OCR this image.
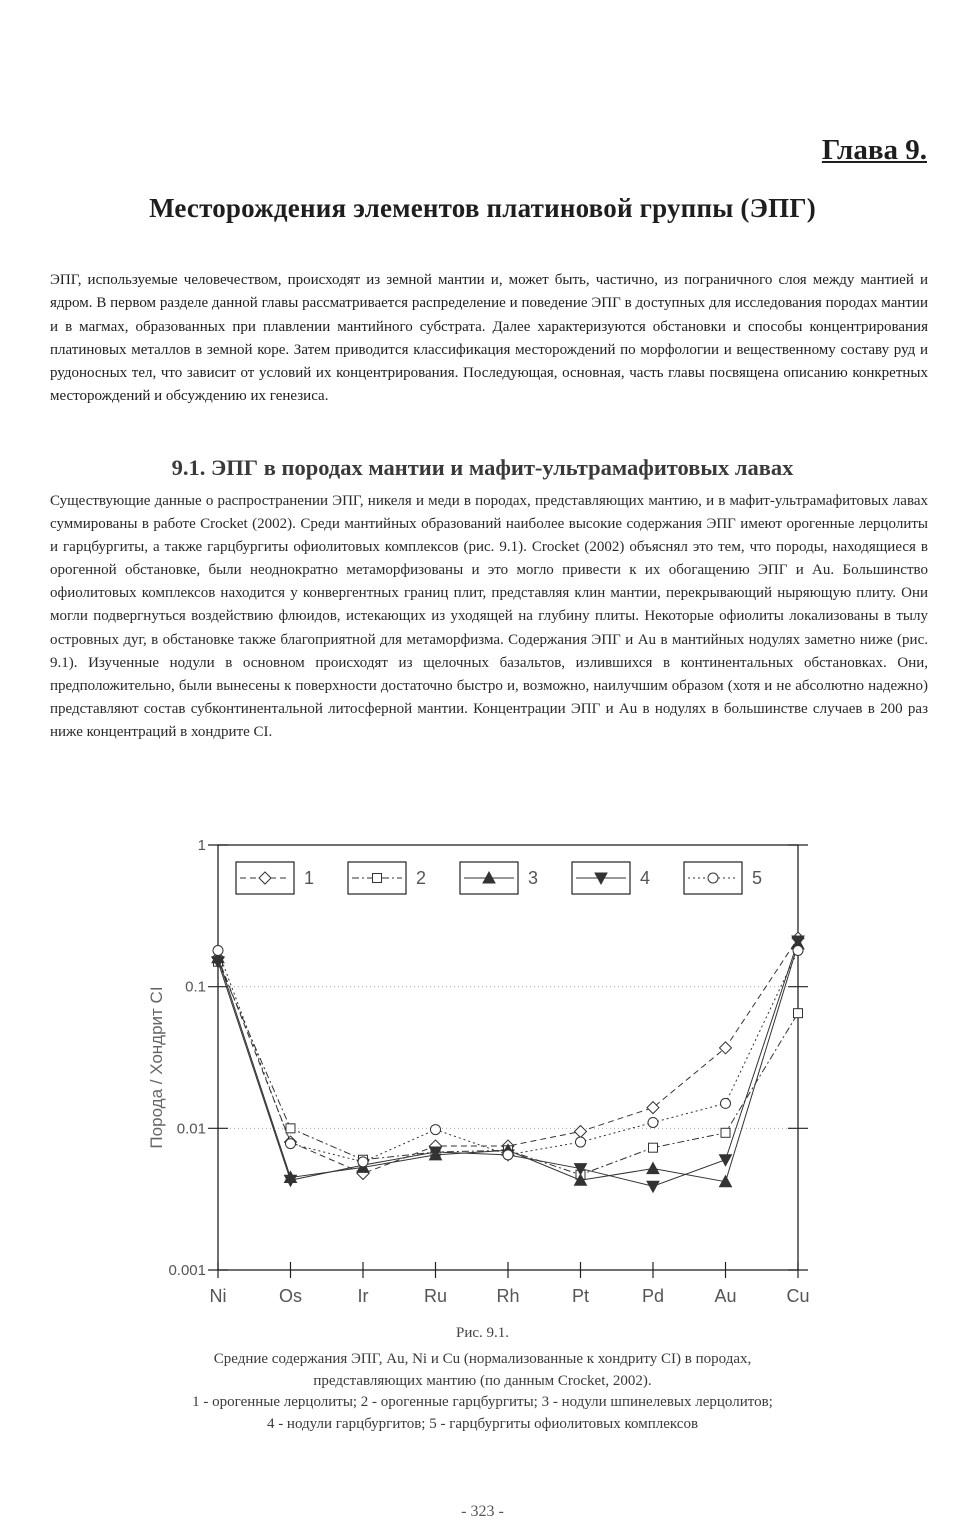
Глава 9.
Месторождения элементов платиновой группы (ЭПГ)

ЭПГ, используемые человечеством, происходят из земной мантии и, может быть, частично, из пограничного слоя между мантией и ядром. В первом разделе данной главы рассматривается распределение и поведение ЭПГ в доступных для исследования породах мантии и в магмах, образованных при плавлении мантийного субстрата. Далее характеризуются обстановки и способы концентрирования платиновых металлов в земной коре. Затем приводится классификация месторождений по морфологии и вещественному составу руд и рудоносных тел, что зависит от условий их концентрирования. Последующая, основная, часть главы посвящена описанию конкретных месторождений и обсуждению их генезиса.

9.1. ЭПГ в породах мантии и мафит-ультрамафитовых лавах

Существующие данные о распространении ЭПГ, никеля и меди в породах, представляющих мантию, и в мафит-ультрамафитовых лавах суммированы в работе Crocket (2002). Среди мантийных образований наиболее высокие содержания ЭПГ имеют орогенные лерцолиты и гарцбургиты, а также гарцбургиты офиолитовых комплексов (рис. 9.1). Crocket (2002) объяснял это тем, что породы, находящиеся в орогенной обстановке, были неоднократно метаморфизованы и это могло привести к их обогащению ЭПГ и Au. Большинство офиолитовых комплексов находится у конвергентных границ плит, представляя клин мантии, перекрывающий ныряющую плиту. Они могли подвергнуться воздействию флюидов, истекающих из уходящей на глубину плиты. Некоторые офиолиты локализованы в тылу островных дуг, в обстановке также благоприятной для метаморфизма. Содержания ЭПГ и Au в мантийных нодулях заметно ниже (рис. 9.1). Изученные нодули в основном происходят из щелочных базальтов, излившихся в континентальных обстановках. Они, предположительно, были вынесены к поверхности достаточно быстро и, возможно, наилучшим образом (хотя и не абсолютно надежно) представляют состав субконтинентальной литосферной мантии. Концентрации ЭПГ и Au в нодулях в большинстве случаев в 200 раз ниже концентраций в хондрите CI.

0.001
0.01
0.1
1
Ni	Os	Ir	Ru	Rh	Pt	Pd	Au	Cu
1	2	3	4	5
Порода / Хондрит CI

Рис. 9.1.

Средние содержания ЭПГ, Au, Ni и Cu (нормализованные к хондриту CI) в породах,
представляющих мантию (по данным Crocket, 2002).
1 - орогенные лерцолиты; 2 - орогенные гарцбургиты; 3 - нодули шпинелевых лерцолитов;
4 - нодули гарцбургитов; 5 - гарцбургиты офиолитовых комплексов

- 323 -
